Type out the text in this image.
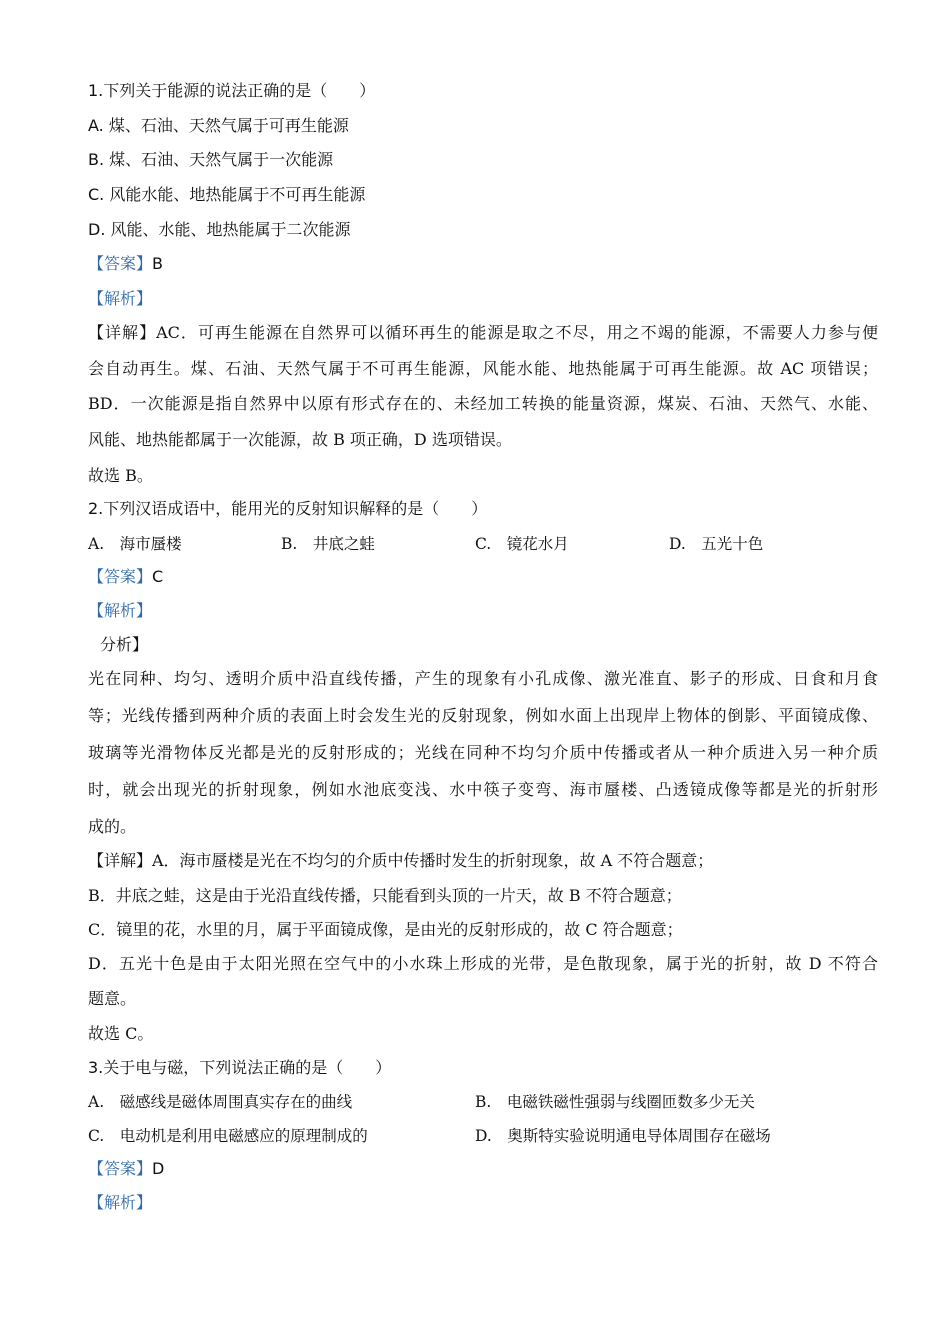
1.下列关于能源的说法正确的是（　　）
A. 煤、石油、天然气属于可再生能源
B. 煤、石油、天然气属于一次能源
C. 风能水能、地热能属于不可再生能源
D. 风能、水能、地热能属于二次能源
【答案】B
【解析】
【详解】AC．可再生能源在自然界可以循环再生的能源是取之不尽，用之不竭的能源，不需要人力参与便
会自动再生。煤、石油、天然气属于不可再生能源，风能水能、地热能属于可再生能源。故 AC 项错误；
BD．一次能源是指自然界中以原有形式存在的、未经加工转换的能量资源，煤炭、石油、天然气、水能、
风能、地热能都属于一次能源，故 B 项正确，D 选项错误。
故选 B。
2.下列汉语成语中，能用光的反射知识解释的是（　　）
A.　海市蜃楼	B.　井底之蛙	C.　镜花水月	D.　五光十色
【答案】C
【解析】
分析】
光在同种、均匀、透明介质中沿直线传播，产生的现象有小孔成像、激光准直、影子的形成、日食和月食
等；光线传播到两种介质的表面上时会发生光的反射现象，例如水面上出现岸上物体的倒影、平面镜成像、
玻璃等光滑物体反光都是光的反射形成的；光线在同种不均匀介质中传播或者从一种介质进入另一种介质
时，就会出现光的折射现象，例如水池底变浅、水中筷子变弯、海市蜃楼、凸透镜成像等都是光的折射形
成的。
【详解】A．海市蜃楼是光在不均匀的介质中传播时发生的折射现象，故 A 不符合题意；
B．井底之蛙，这是由于光沿直线传播，只能看到头顶的一片天，故 B 不符合题意；
C．镜里的花，水里的月，属于平面镜成像，是由光的反射形成的，故 C 符合题意；
D．五光十色是由于太阳光照在空气中的小水珠上形成的光带，是色散现象，属于光的折射，故 D 不符合
题意。
故选 C。
3.关于电与磁，下列说法正确的是（　　）
A.　磁感线是磁体周围真实存在的曲线	B.　电磁铁磁性强弱与线圈匝数多少无关
C.　电动机是利用电磁感应的原理制成的	D.　奥斯特实验说明通电导体周围存在磁场
【答案】D
【解析】
